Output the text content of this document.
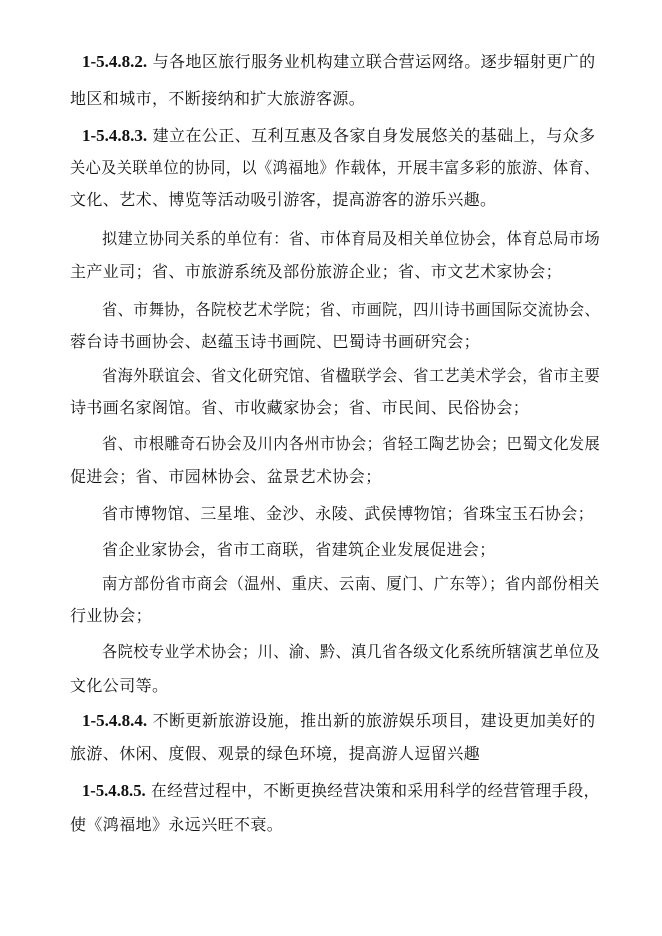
1-5.4.8.2. 与各地区旅行服务业机构建立联合营运网络。逐步辐射更广的
地区和城市，不断接纳和扩大旅游客源。
1-5.4.8.3. 建立在公正、互利互惠及各家自身发展悠关的基础上，与众多
关心及关联单位的协同，以《鸿福地》作载体，开展丰富多彩的旅游、体育、
文化、艺术、博览等活动吸引游客，提高游客的游乐兴趣。
拟建立协同关系的单位有：省、市体育局及相关单位协会，体育总局市场
主产业司；省、市旅游系统及部份旅游企业；省、市文艺术家协会；
省、市舞协，各院校艺术学院；省、市画院，四川诗书画国际交流协会、
蓉台诗书画协会、赵蕴玉诗书画院、巴蜀诗书画研究会；
省海外联谊会、省文化研究馆、省楹联学会、省工艺美术学会，省市主要
诗书画名家阁馆。省、市收藏家协会；省、市民间、民俗协会；
省、市根雕奇石协会及川内各州市协会；省轻工陶艺协会；巴蜀文化发展
促进会；省、市园林协会、盆景艺术协会；
省市博物馆、三星堆、金沙、永陵、武侯博物馆；省珠宝玉石协会；
省企业家协会，省市工商联，省建筑企业发展促进会；
南方部份省市商会（温州、重庆、云南、厦门、广东等）；省内部份相关
行业协会；
各院校专业学术协会；川、渝、黔、滇几省各级文化系统所辖演艺单位及
文化公司等。
1-5.4.8.4. 不断更新旅游设施，推出新的旅游娱乐项目，建设更加美好的
旅游、休闲、度假、观景的绿色环境，提高游人逗留兴趣
1-5.4.8.5. 在经营过程中，不断更换经营决策和采用科学的经营管理手段，
使《鸿福地》永远兴旺不衰。
